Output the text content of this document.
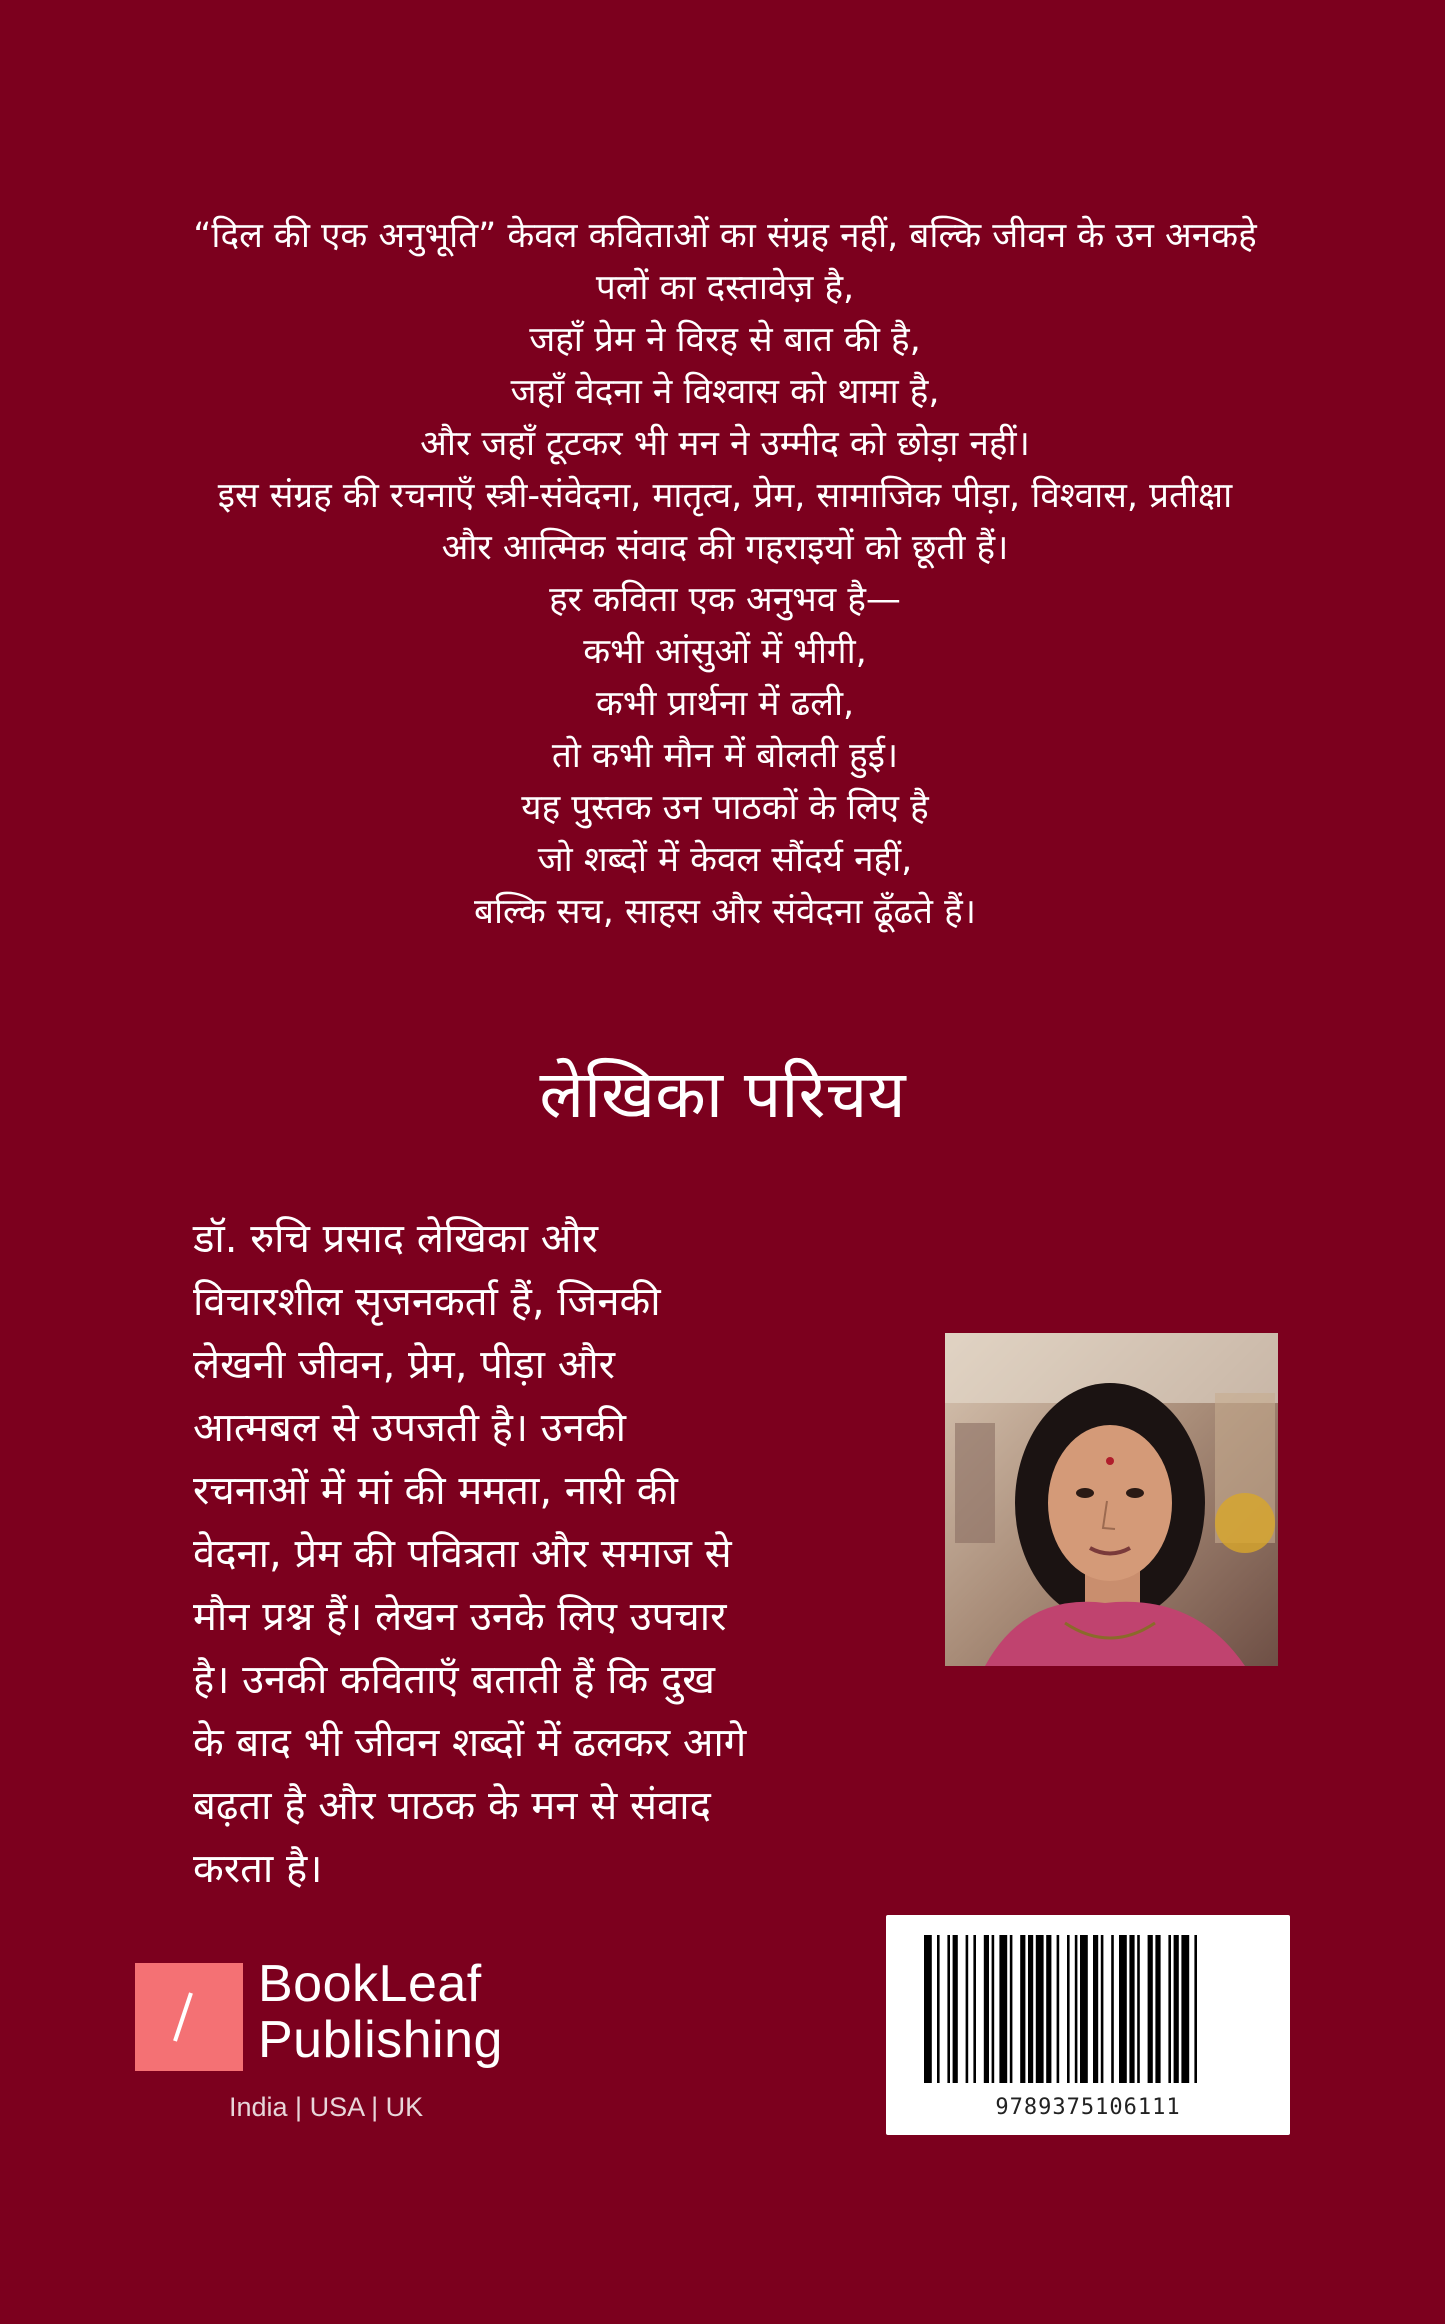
“दिल की एक अनुभूति” केवल कविताओं का संग्रह नहीं, बल्कि जीवन के उन अनकहे
पलों का दस्तावेज़ है,
जहाँ प्रेम ने विरह से बात की है,
जहाँ वेदना ने विश्वास को थामा है,
और जहाँ टूटकर भी मन ने उम्मीद को छोड़ा नहीं।
इस संग्रह की रचनाएँ स्त्री-संवेदना, मातृत्व, प्रेम, सामाजिक पीड़ा, विश्वास, प्रतीक्षा
और आत्मिक संवाद की गहराइयों को छूती हैं।
हर कविता एक अनुभव है—
कभी आंसुओं में भीगी,
कभी प्रार्थना में ढली,
तो कभी मौन में बोलती हुई।
यह पुस्तक उन पाठकों के लिए है
जो शब्दों में केवल सौंदर्य नहीं,
बल्कि सच, साहस और संवेदना ढूँढते हैं।
लेखिका परिचय
डॉ. रुचि प्रसाद लेखिका और
विचारशील सृजनकर्ता हैं, जिनकी
लेखनी जीवन, प्रेम, पीड़ा और
आत्मबल से उपजती है। उनकी
रचनाओं में मां की ममता, नारी की
वेदना, प्रेम की पवित्रता और समाज से
मौन प्रश्न हैं। लेखन उनके लिए उपचार
है। उनकी कविताएँ बताती हैं कि दुख
के बाद भी जीवन शब्दों में ढलकर आगे
बढ़ता है और पाठक के मन से संवाद
करता है।
BookLeaf
Publishing
India | USA | UK	9789375106111
